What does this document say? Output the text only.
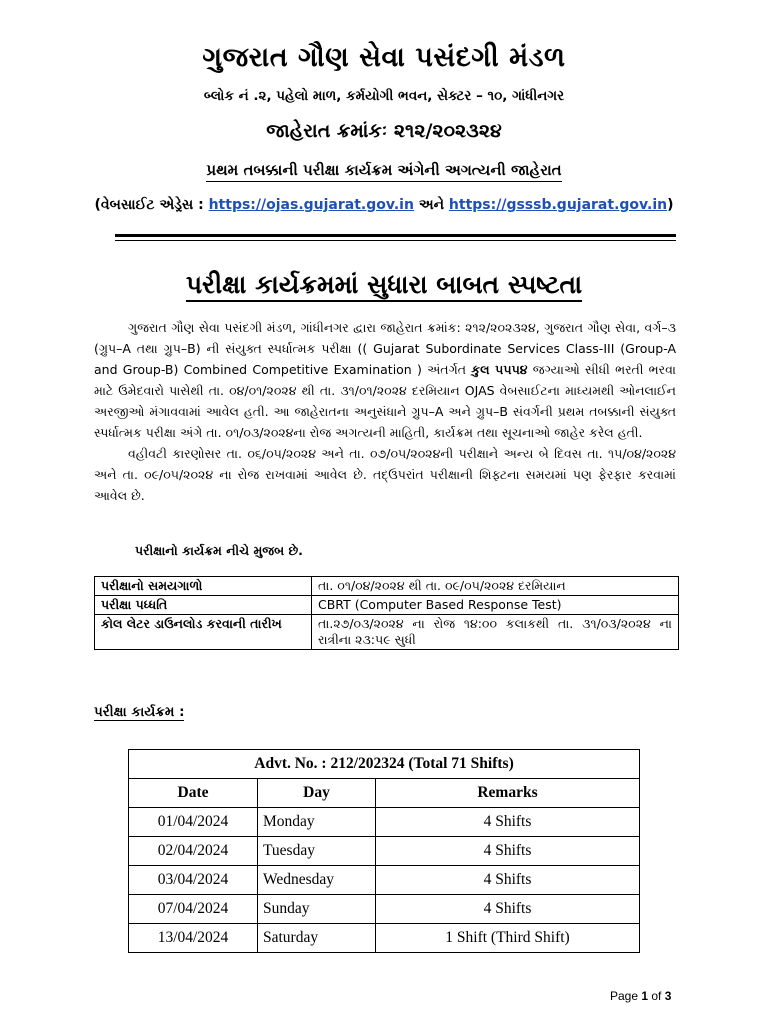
ગુજરાત ગૌણ સેવા પસંદગી મંડળ
બ્લોક નં .૨, પહેલો માળ, કર્મયોગી ભવન, સેક્ટર – ૧૦, ગાંધીનગર
જાહેરાત ક્રમાંકઃ ૨૧૨/૨૦૨૩૨૪
પ્રથમ તબક્કાની પરીક્ષા કાર્યક્રમ અંગેની અગત્યની જાહેરાત
(વેબસાઈટ એડ્રેસ : https://ojas.gujarat.gov.in અને https://gsssb.gujarat.gov.in)
પરીક્ષા કાર્યક્રમમાં સુધારા બાબત સ્પષ્ટતા

ગુજરાત ગૌણ સેવા પસંદગી મંડળ, ગાંધીનગર દ્વારા જાહેરાત ક્રમાંક: ૨૧૨/૨૦૨૩૨૪, ગુજરાત ગૌણ સેવા, વર્ગ–૩ (ગ્રુપ–A તથા ગ્રુપ–B) ની સંયુક્ત સ્પર્ધાત્મક પરીક્ષા (( Gujarat Subordinate Services Class-III (Group-A and Group-B) Combined Competitive Examination ) અંતર્ગત કુલ ૫૫૫૪ જગ્યાઓ સીધી ભરતી ભરવા માટે ઉમેદવારો પાસેથી તા. ૦૪/૦૧/૨૦૨૪ થી તા. ૩૧/૦૧/૨૦૨૪ દરમિયાન OJAS વેબસાઈટના માધ્યમથી ઓનલાઈન અરજીઓ મંગાવવામાં આવેલ હતી. આ જાહેરાતના અનુસંધાને ગ્રુપ–A અને ગ્રુપ–B સંવર્ગની પ્રથમ તબક્કાની સંયુક્ત સ્પર્ધાત્મક પરીક્ષા અંગે તા. ૦૧/૦૩/૨૦૨૪ના રોજ અગત્યની માહિતી, કાર્યક્રમ તથા સૂચનાઓ જાહેર કરેલ હતી.

વહીવટી કારણોસર તા. ૦૬/૦૫/૨૦૨૪ અને તા. ૦૭/૦૫/૨૦૨૪ની પરીક્ષાને અન્ય બે દિવસ તા. ૧૫/૦૪/૨૦૨૪ અને તા. ૦૯/૦૫/૨૦૨૪ ના રોજ રાખવામાં આવેલ છે. તદ્ઉપરાંત પરીક્ષાની શિફ્ટના સમયમાં પણ ફેરફાર કરવામાં આવેલ છે.

પરીક્ષાનો કાર્યક્રમ નીચે મુજબ છે.
પરીક્ષાનો સમયગાળો	તા. ૦૧/૦૪/૨૦૨૪ થી તા. ૦૯/૦૫/૨૦૨૪ દરમિયાન
પરીક્ષા પધ્ધતિ	CBRT (Computer Based Response Test)
કોલ લેટર ડાઉનલોડ કરવાની તારીખ	તા.૨૭/૦૩/૨૦૨૪ ના રોજ ૧૪:૦૦ કલાકથી તા. ૩૧/૦૩/૨૦૨૪ ના રાત્રીના ૨૩:૫૯ સુધી
પરીક્ષા કાર્યક્રમ :
Advt. No. : 212/202324 (Total 71 Shifts)		
Date	Day	Remarks
01/04/2024	Monday	4 Shifts
02/04/2024	Tuesday	4 Shifts
03/04/2024	Wednesday	4 Shifts
07/04/2024	Sunday	4 Shifts
13/04/2024	Saturday	1 Shift (Third Shift)
Page 1 of 3
